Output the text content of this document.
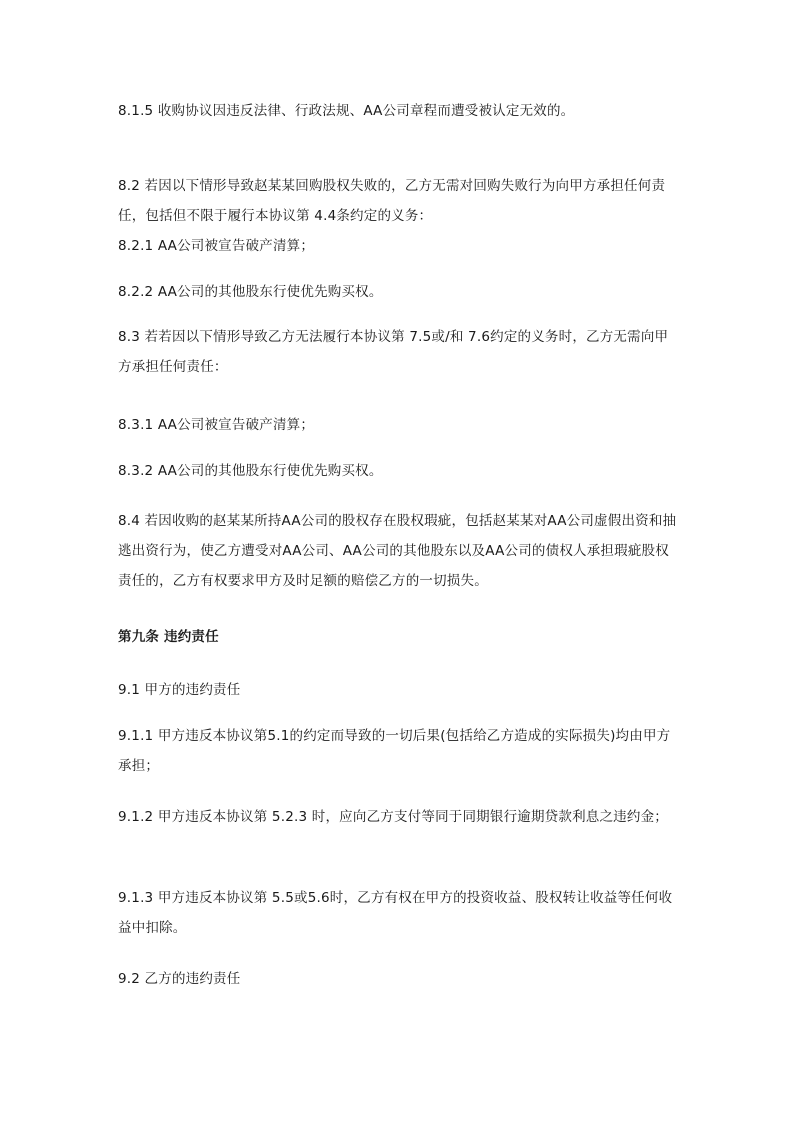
8.1.5 收购协议因违反法律、行政法规、AA公司章程而遭受被认定无效的。

8.2 若因以下情形导致赵某某回购股权失败的，乙方无需对回购失败行为向甲方承担任何责任，包括但不限于履行本协议第 4.4条约定的义务：

8.2.1 AA公司被宣告破产清算；

8.2.2 AA公司的其他股东行使优先购买权。

8.3 若若因以下情形导致乙方无法履行本协议第 7.5或/和 7.6约定的义务时，乙方无需向甲方承担任何责任：

8.3.1 AA公司被宣告破产清算；

8.3.2 AA公司的其他股东行使优先购买权。

8.4 若因收购的赵某某所持AA公司的股权存在股权瑕疵，包括赵某某对AA公司虚假出资和抽逃出资行为，使乙方遭受对AA公司、AA公司的其他股东以及AA公司的债权人承担瑕疵股权责任的，乙方有权要求甲方及时足额的赔偿乙方的一切损失。

第九条 违约责任

9.1 甲方的违约责任

9.1.1 甲方违反本协议第5.1的约定而导致的一切后果(包括给乙方造成的实际损失)均由甲方承担；

9.1.2 甲方违反本协议第 5.2.3 时，应向乙方支付等同于同期银行逾期贷款利息之违约金；

9.1.3 甲方违反本协议第 5.5或5.6时，乙方有权在甲方的投资收益、股权转让收益等任何收益中扣除。

9.2 乙方的违约责任
